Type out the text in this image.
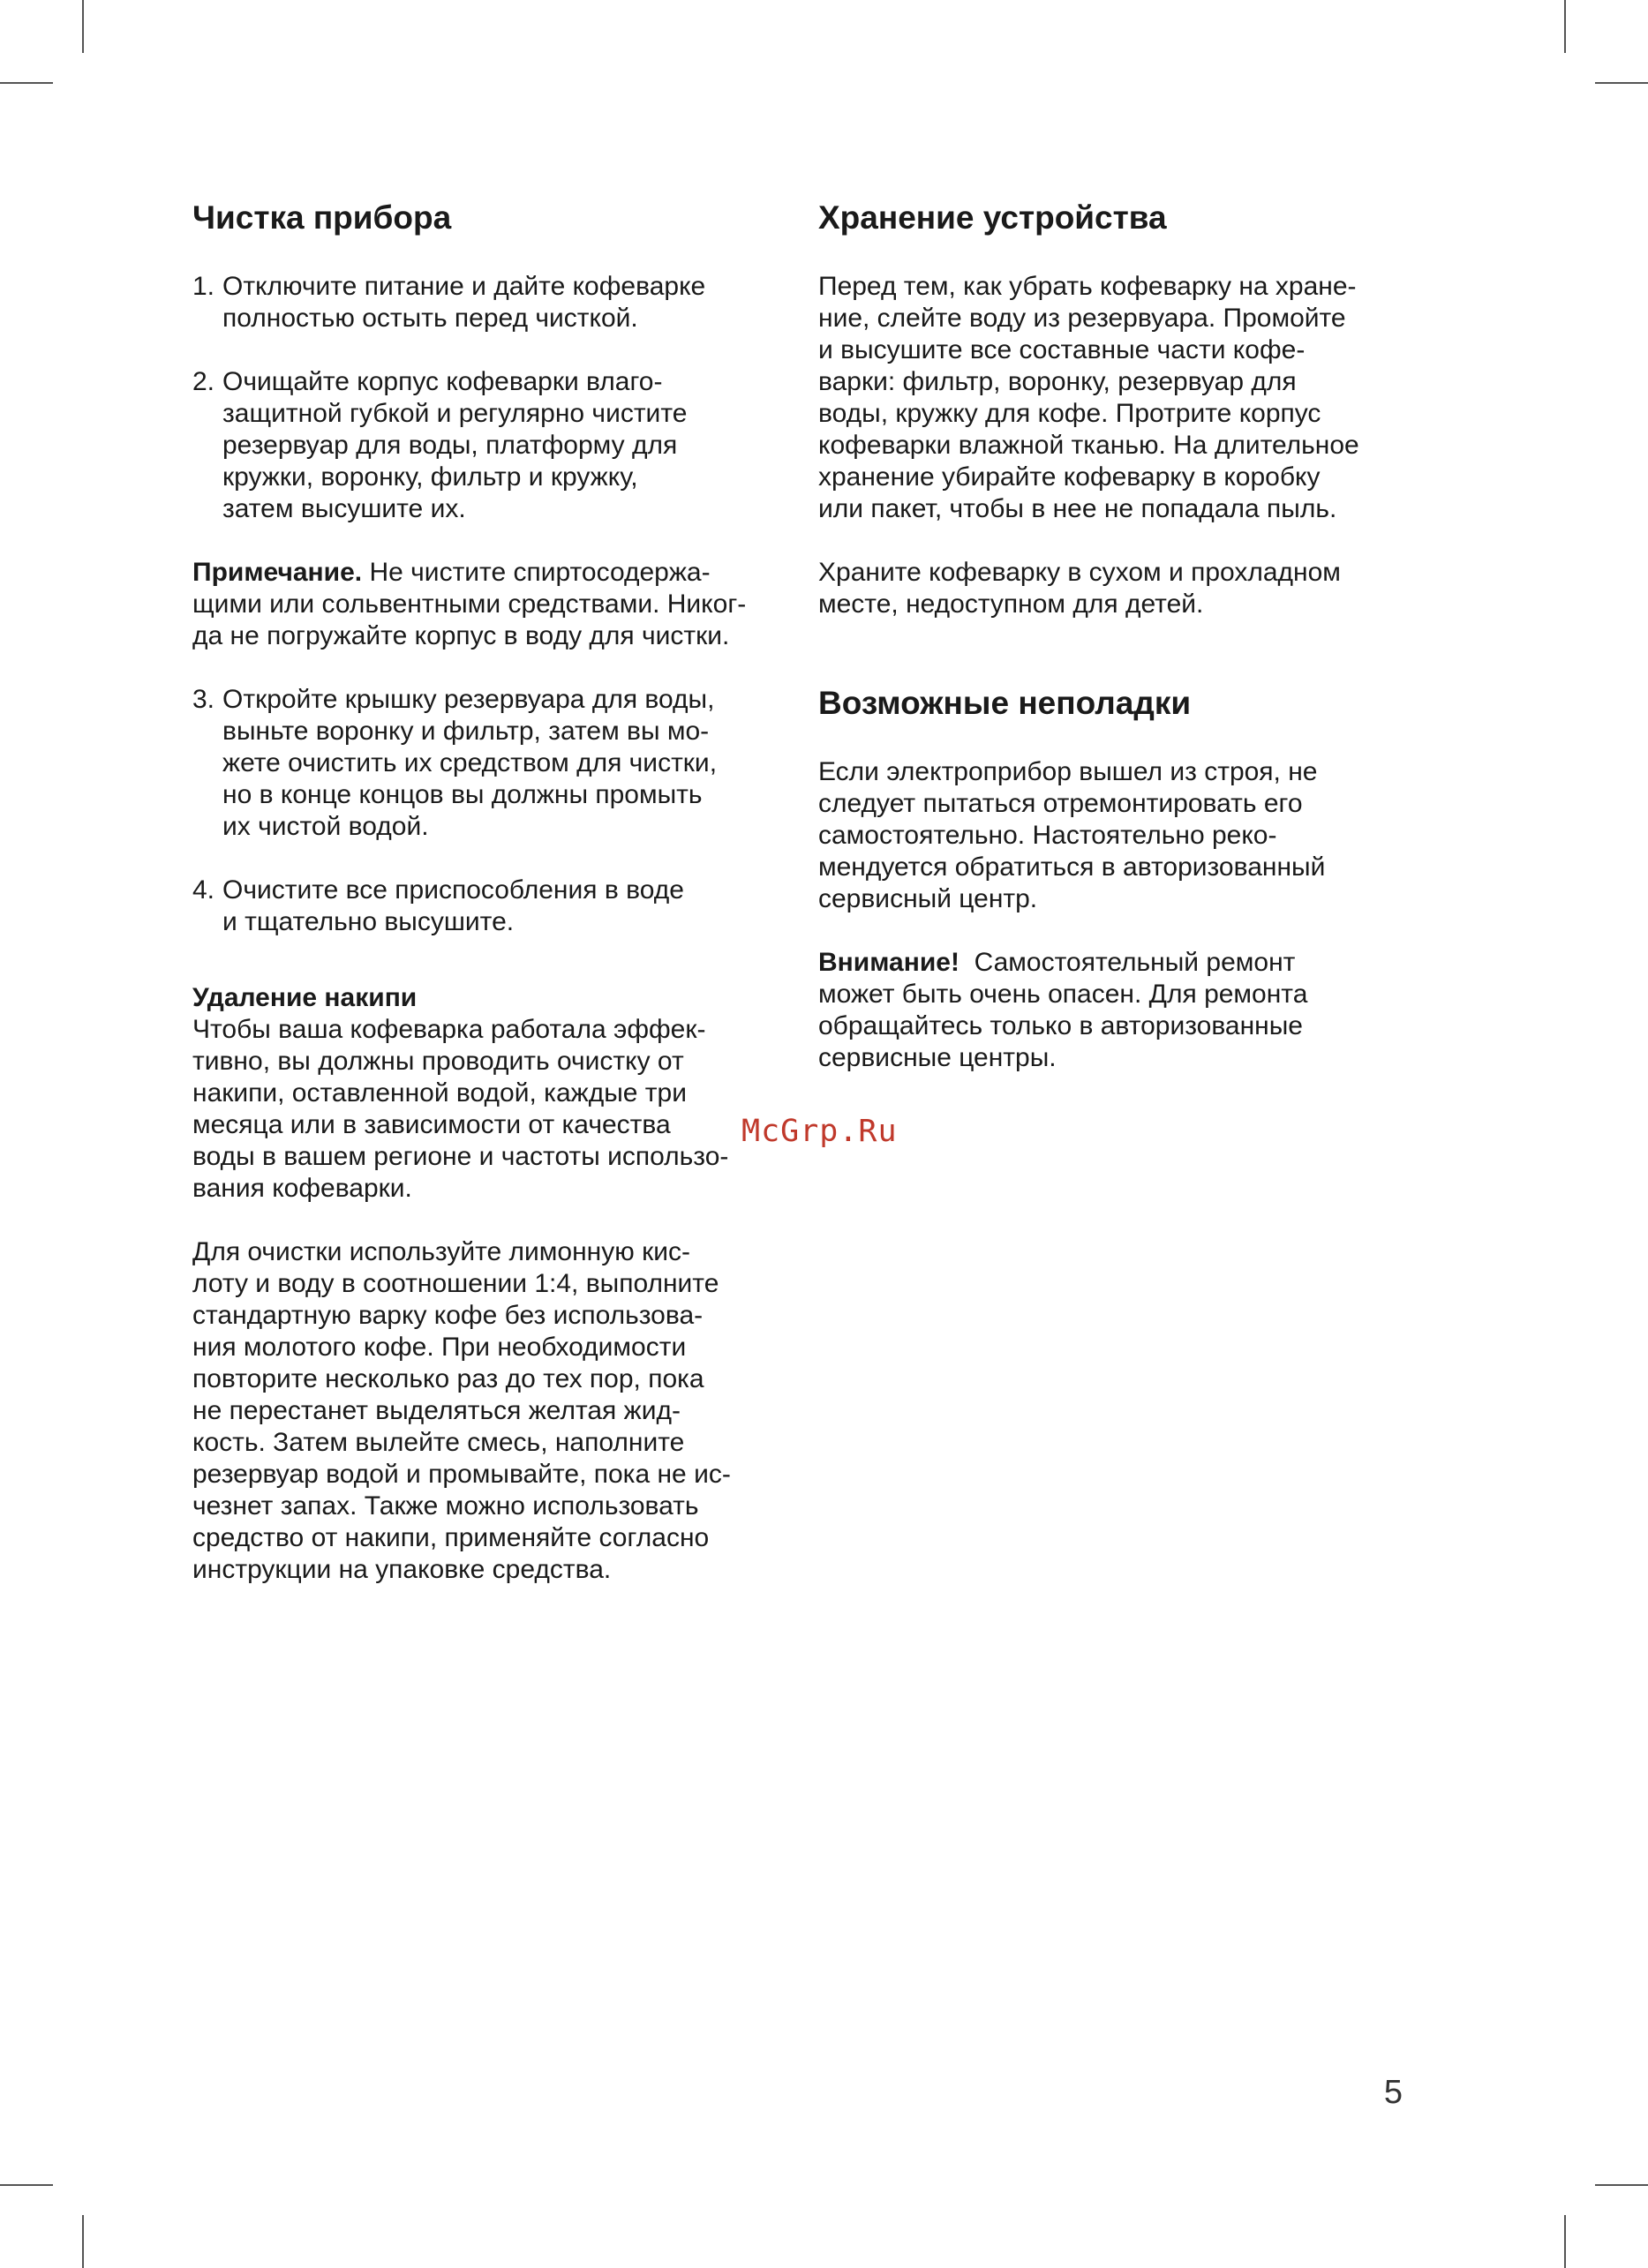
Чистка прибора
1. Отключите питание и дайте кофеварке

полностью остыть перед чисткой.

2. Очищайте корпус кофеварки влаго-

защитной губкой и регулярно чистите

резервуар для воды, платформу для

кружки, воронку, фильтр и кружку,

затем высушите их.

Примечание. Не чистите спиртосодержа-

щими или сольвентными средствами. Никог-

да не погружайте корпус в воду для чистки.

3. Откройте крышку резервуара для воды,

выньте воронку и фильтр, затем вы мо-

жете очистить их средством для чистки,

но в конце концов вы должны промыть

их чистой водой.

4. Очистите все приспособления в воде

и тщательно высушите.

Удаление накипи

Чтобы ваша кофеварка работала эффек-

тивно, вы должны проводить очистку от

накипи, оставленной водой, каждые три

месяца или в зависимости от качества

воды в вашем регионе и частоты использо-

вания кофеварки.

Для очистки используйте лимонную кис-

лоту и воду в соотношении 1:4, выполните

стандартную варку кофе без использова-

ния молотого кофе. При необходимости

повторите несколько раз до тех пор, пока

не перестанет выделяться желтая жид-

кость. Затем вылейте смесь, наполните

резервуар водой и промывайте, пока не ис-

чезнет запах. Также можно использовать

средство от накипи, применяйте согласно

инструкции на упаковке средства.

Хранение устройства

Перед тем, как убрать кофеварку на хране-

ние, слейте воду из резервуара. Промойте

и высушите все составные части кофе-

варки: фильтр, воронку, резервуар для

воды, кружку для кофе. Протрите корпус

кофеварки влажной тканью. На длительное

хранение убирайте кофеварку в коробку

или пакет, чтобы в нее не попадала пыль.

Храните кофеварку в сухом и прохладном

месте, недоступном для детей.

Возможные неполадки

Если электроприбор вышел из строя, не

следует пытаться отремонтировать его

самостоятельно. Настоятельно реко-

мендуется обратиться в авторизованный

сервисный центр.

Внимание!  Самостоятельный ремонт

может быть очень опасен. Для ремонта

обращайтесь только в авторизованные

сервисные центры.

McGrp.Ru
5
